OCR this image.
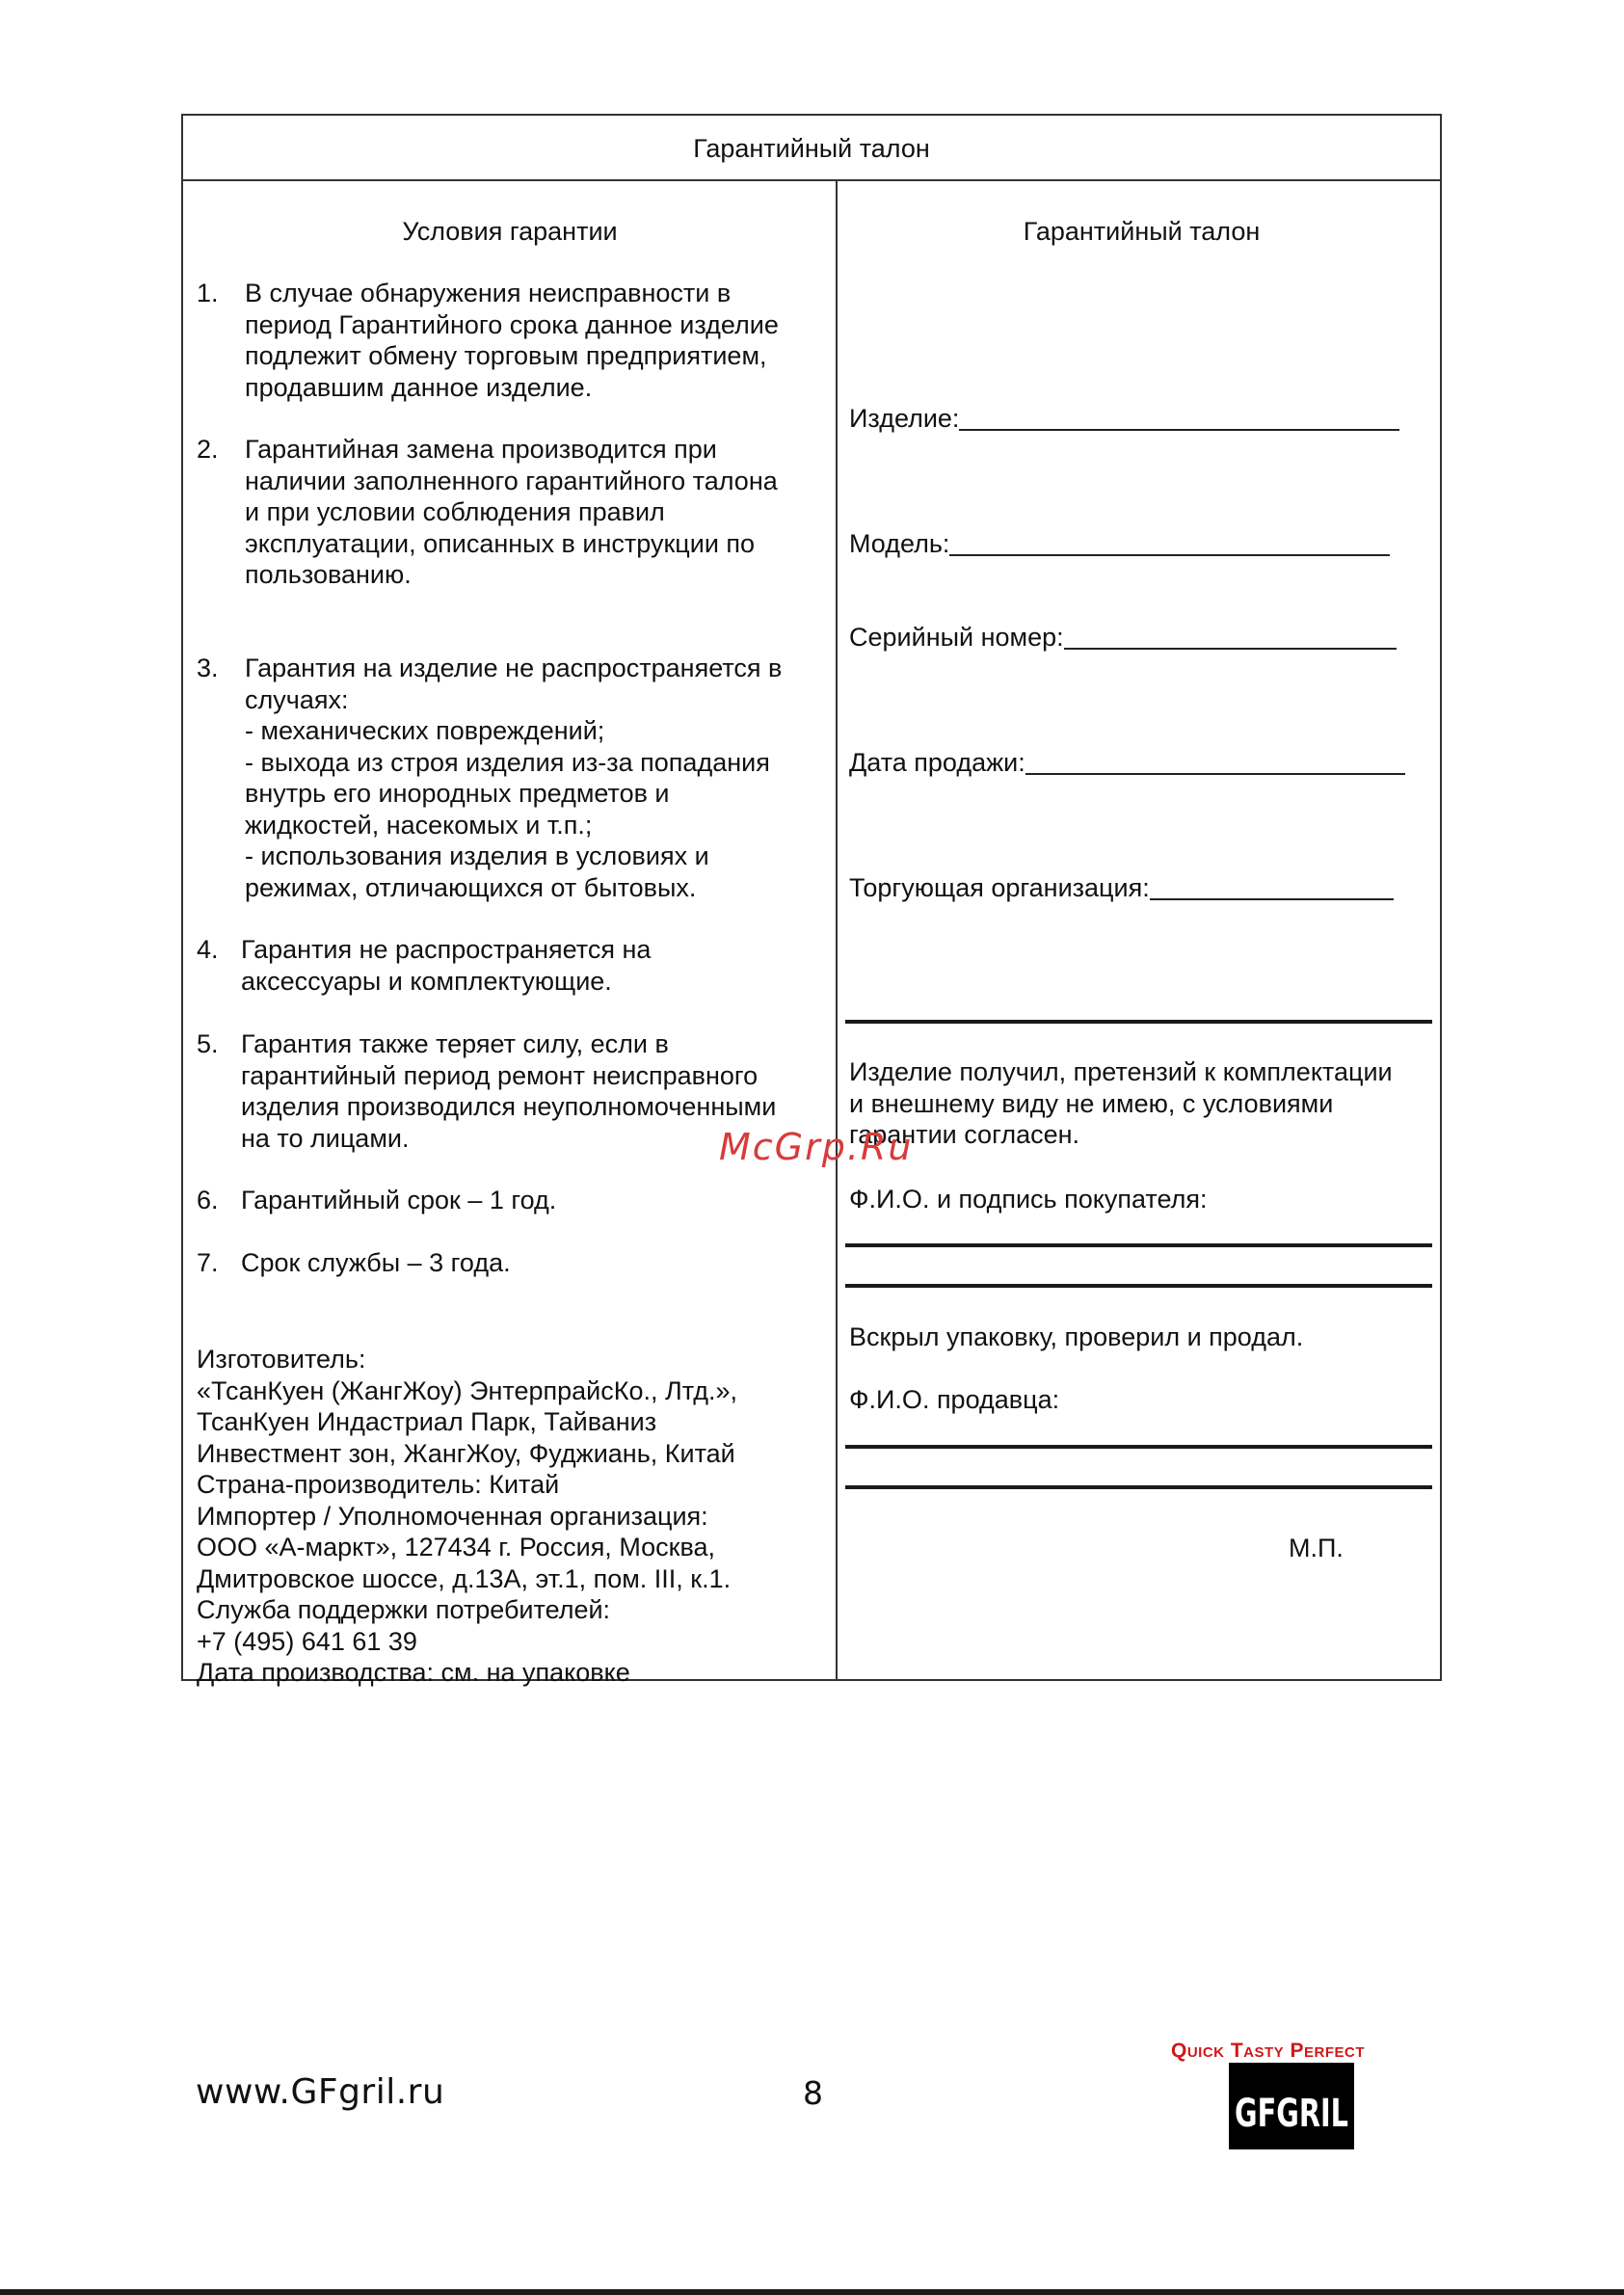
Гарантийный талон
Условия гарантии
1. В случае обнаружения неисправности в
период Гарантийного срока данное изделие
подлежит обмену торговым предприятием,
продавшим данное изделие.
2. Гарантийная замена производится при
наличии заполненного гарантийного талона
и при условии соблюдения правил
эксплуатации, описанных в инструкции по
пользованию.
3. Гарантия на изделие не распространяется в
случаях:
- механических повреждений;
- выхода из строя изделия из-за попадания
внутрь его инородных предметов и
жидкостей, насекомых и т.п.;
- использования изделия в условиях и
режимах, отличающихся от бытовых.
4. Гарантия не распространяется на
аксессуары и комплектующие.
5. Гарантия также теряет силу, если в
гарантийный период ремонт неисправного
изделия производился неуполномоченными
на то лицами.
6. Гарантийный срок – 1 год.
7. Срок службы – 3 года.
Изготовитель:
«ТсанКуен (ЖангЖоу) ЭнтерпрайсКо., Лтд.»,
ТсанКуен Индастриал Парк, Тайваниз
Инвестмент зон, ЖангЖоу, Фуджиань, Китай
Страна-производитель: Китай
Импортер / Уполномоченная организация:
ООО «А-маркт», 127434 г. Россия, Москва,
Дмитровское шоссе, д.13А, эт.1, пом. III, к.1.
Служба поддержки потребителей:
+7 (495) 641 61 39
Дата производства: см. на упаковке
Гарантийный талон
Изделие:
Модель:
Серийный номер:
Дата продажи:
Торгующая организация:
Изделие получил, претензий к комплектации
и внешнему виду не имею, с условиями
гарантии согласен.
Ф.И.О. и подпись покупателя:
Вскрыл упаковку, проверил и продал.
Ф.И.О. продавца:
М.П.
McGrp.Ru
www.GFgril.ru	8
Quick Tasty Perfect
GFGRIL
